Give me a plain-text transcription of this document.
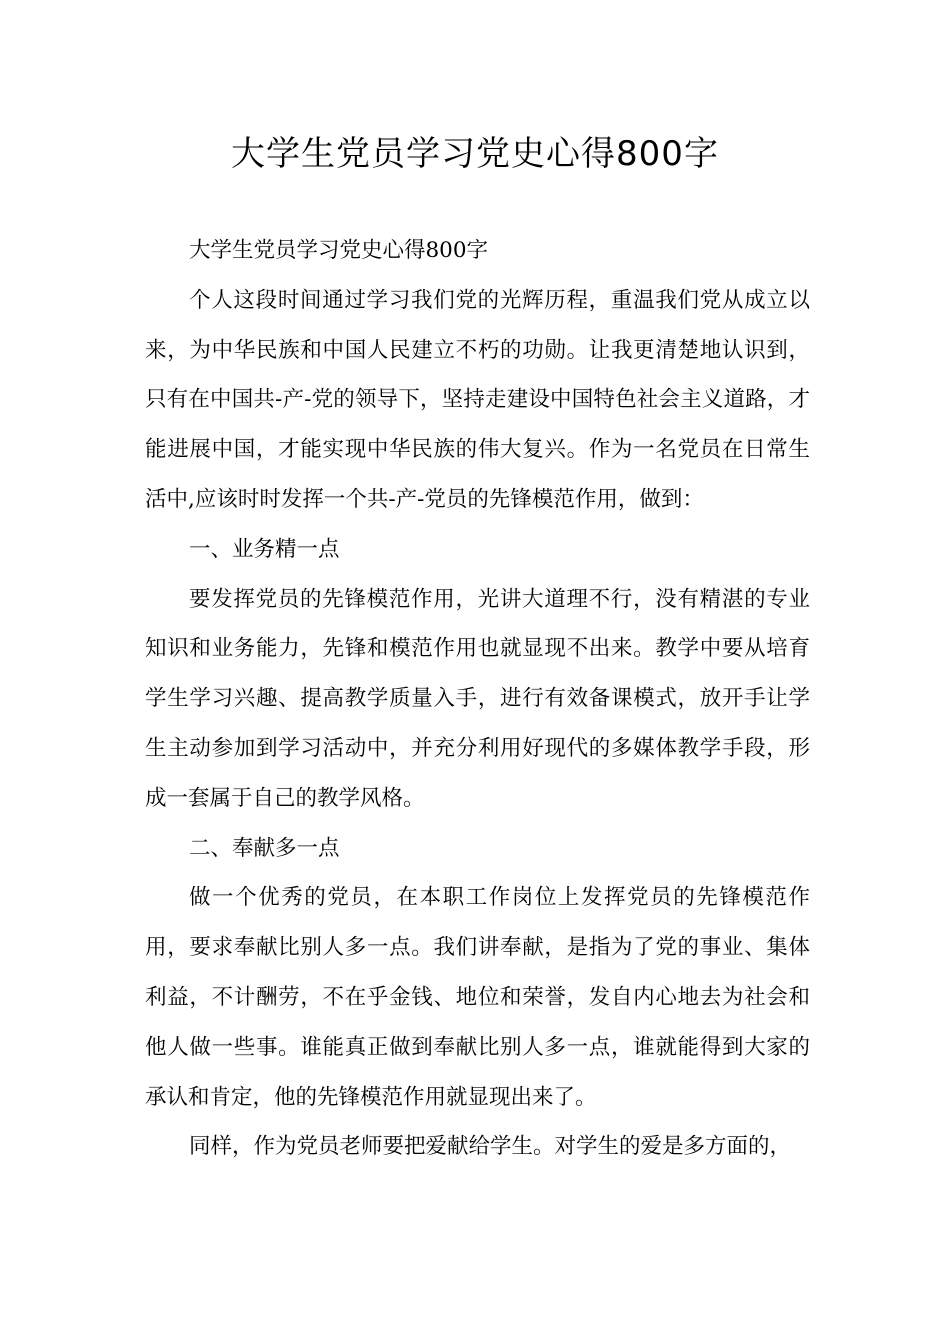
大学生党员学习党史心得800字

大学生党员学习党史心得800字

个人这段时间通过学习我们党的光辉历程，重温我们党从成立以来，为中华民族和中国人民建立不朽的功勋。让我更清楚地认识到，只有在中国共-产-党的领导下，坚持走建设中国特色社会主义道路，才能进展中国，才能实现中华民族的伟大复兴。作为一名党员在日常生活中,应该时时发挥一个共-产-党员的先锋模范作用，做到：

一、业务精一点

要发挥党员的先锋模范作用，光讲大道理不行，没有精湛的专业知识和业务能力，先锋和模范作用也就显现不出来。教学中要从培育学生学习兴趣、提高教学质量入手，进行有效备课模式，放开手让学生主动参加到学习活动中，并充分利用好现代的多媒体教学手段，形成一套属于自己的教学风格。

二、奉献多一点

做一个优秀的党员，在本职工作岗位上发挥党员的先锋模范作用，要求奉献比别人多一点。我们讲奉献，是指为了党的事业、集体利益，不计酬劳，不在乎金钱、地位和荣誉，发自内心地去为社会和他人做一些事。谁能真正做到奉献比别人多一点，谁就能得到大家的承认和肯定，他的先锋模范作用就显现出来了。

同样，作为党员老师要把爱献给学生。对学生的爱是多方面的，
